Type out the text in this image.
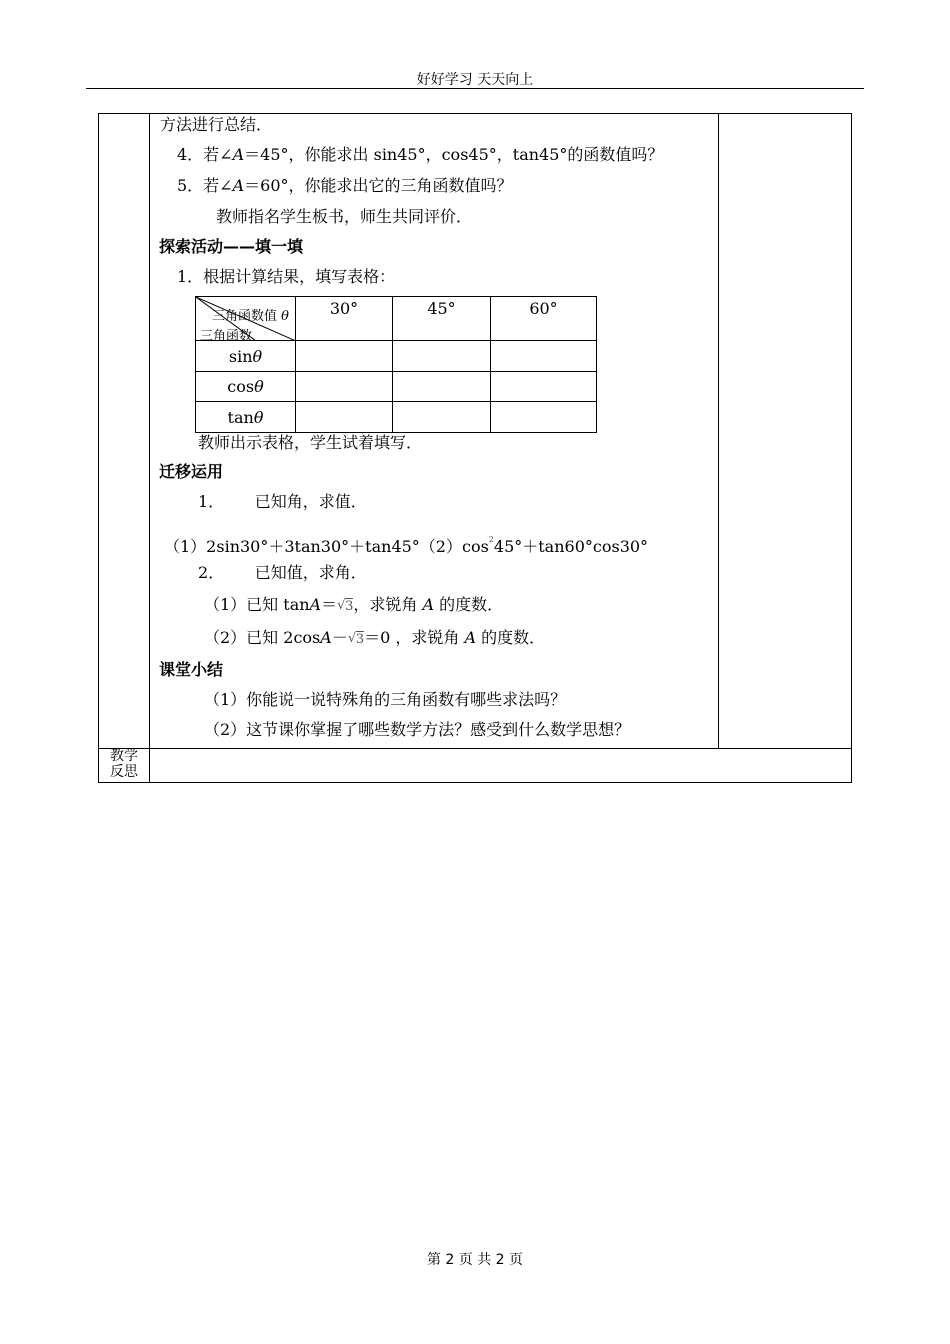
好好学习 天天向上
方法进行总结．
4．若∠A＝45°，你能求出 sin45°，cos45°，tan45°的函数值吗？
5．若∠A＝60°，你能求出它的三角函数值吗？
教师指名学生板书，师生共同评价．
探索活动——填一填
1．根据计算结果，填写表格：
三角函数值 θ
三角函数	30°	45°	60°
sinθ			
cosθ			
tanθ			
教师出示表格，学生试着填写．
迁移运用
1．      已知角，求值．
$(1)2\sin 30^\circ+3\tan 30^\circ+\tan 45^\circ(2)\cos^245^\circ+\tan 60^\circ\cos 30^\circ$
2．      已知值，求角．
（1）已知 tanA＝ √ 3，求锐角 A 的度数．
（2）已知 2cosA－ √ 3＝0 ，求锐角 A 的度数．
课堂小结
（1）你能说一说特殊角的三角函数有哪些求法吗？
（2）这节课你掌握了哪些数学方法？感受到什么数学思想？
教学
反思
第 2 页 共 2 页
